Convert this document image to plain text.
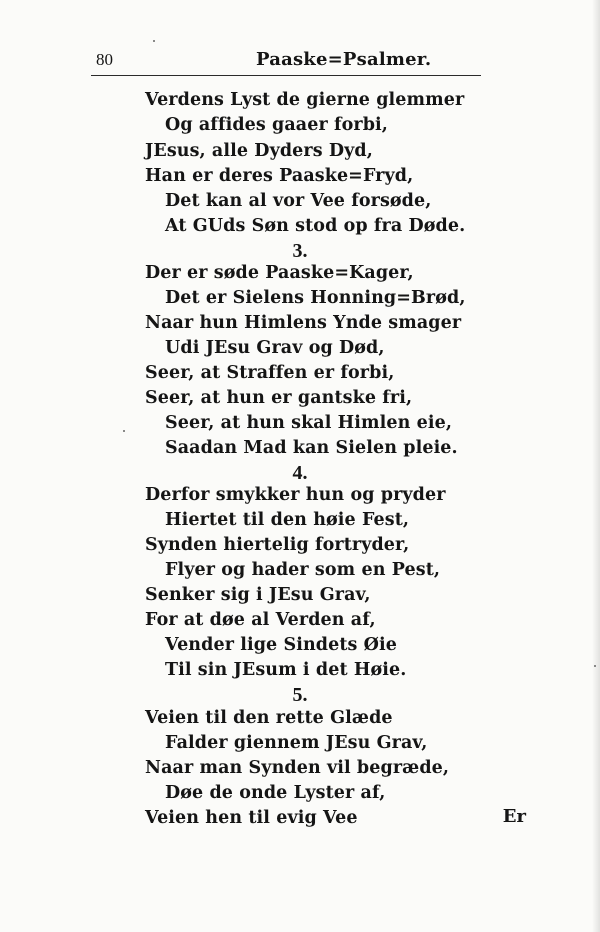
80	Paaske=Psalmer.
Verdens Lyst de gierne glemmer
Og affides gaaer forbi,
JEsus, alle Dyders Dyd,
Han er deres Paaske=Fryd,
Det kan al vor Vee forsøde,
At GUds Søn stod op fra Døde.
3.
Der er søde Paaske=Kager,
Det er Sielens Honning=Brød,
Naar hun Himlens Ynde smager
Udi JEsu Grav og Død,
Seer, at Straffen er forbi,
Seer, at hun er gantske fri,
Seer, at hun skal Himlen eie,
Saadan Mad kan Sielen pleie.
4.
Derfor smykker hun og pryder
Hiertet til den høie Fest,
Synden hiertelig fortryder,
Flyer og hader som en Pest,
Senker sig i JEsu Grav,
For at døe al Verden af,
Vender lige Sindets Øie
Til sin JEsum i det Høie.
5.
Veien til den rette Glæde
Falder giennem JEsu Grav,
Naar man Synden vil begræde,
Døe de onde Lyster af,
Veien hen til evig Vee	Er
